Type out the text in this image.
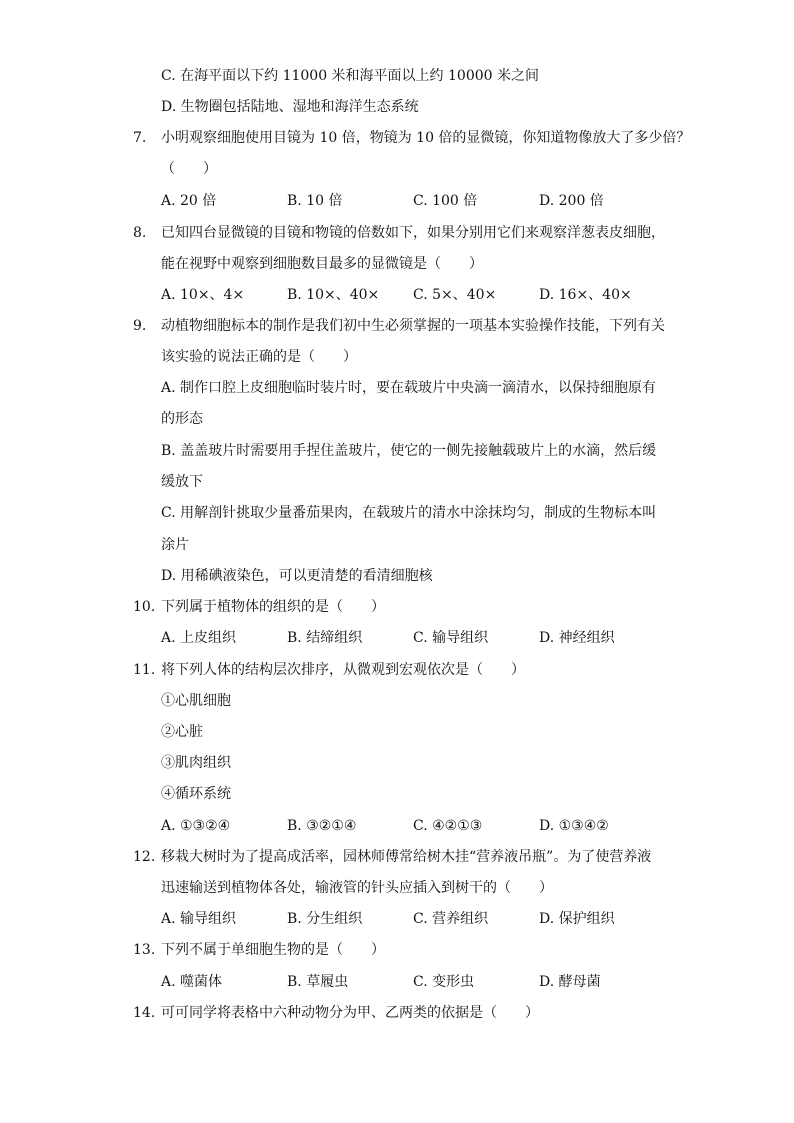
C. 在海平面以下约 11000 米和海平面以上约 10000 米之间
D. 生物圈包括陆地、湿地和海洋生态系统
7. 小明观察细胞使用目镜为 10 倍，物镜为 10 倍的显微镜，你知道物像放大了多少倍？
（　　）
A. 20 倍	B. 10 倍	C. 100 倍	D. 200 倍
8. 已知四台显微镜的目镜和物镜的倍数如下，如果分别用它们来观察洋葱表皮细胞，
能在视野中观察到细胞数目最多的显微镜是（　　）
A. 10×、4×	B. 10×、40× C. 5×、40×	D. 16×、40×
9. 动植物细胞标本的制作是我们初中生必须掌握的一项基本实验操作技能，下列有关
该实验的说法正确的是（　　）
A. 制作口腔上皮细胞临时装片时，要在载玻片中央滴一滴清水，以保持细胞原有
的形态
B. 盖盖玻片时需要用手捏住盖玻片，使它的一侧先接触载玻片上的水滴，然后缓
缓放下
C. 用解剖针挑取少量番茄果肉，在载玻片的清水中涂抹均匀，制成的生物标本叫
涂片
D. 用稀碘液染色，可以更清楚的看清细胞核
10. 下列属于植物体的组织的是（　　）
A. 上皮组织	B. 结缔组织	C. 输导组织	D. 神经组织
11. 将下列人体的结构层次排序，从微观到宏观依次是（　　）
①心肌细胞
②心脏
③肌肉组织
④循环系统
A. ①③②④	B. ③②①④	C. ④②①③	D. ①③④②
12. 移栽大树时为了提高成活率，园林师傅常给树木挂“营养液吊瓶”。为了使营养液
迅速输送到植物体各处，输液管的针头应插入到树干的（　　）
A. 输导组织	B. 分生组织	C. 营养组织	D. 保护组织
13. 下列不属于单细胞生物的是（　　）
A. 噬菌体	B. 草履虫	C. 变形虫	D. 酵母菌
14. 可可同学将表格中六种动物分为甲、乙两类的依据是（　　）
